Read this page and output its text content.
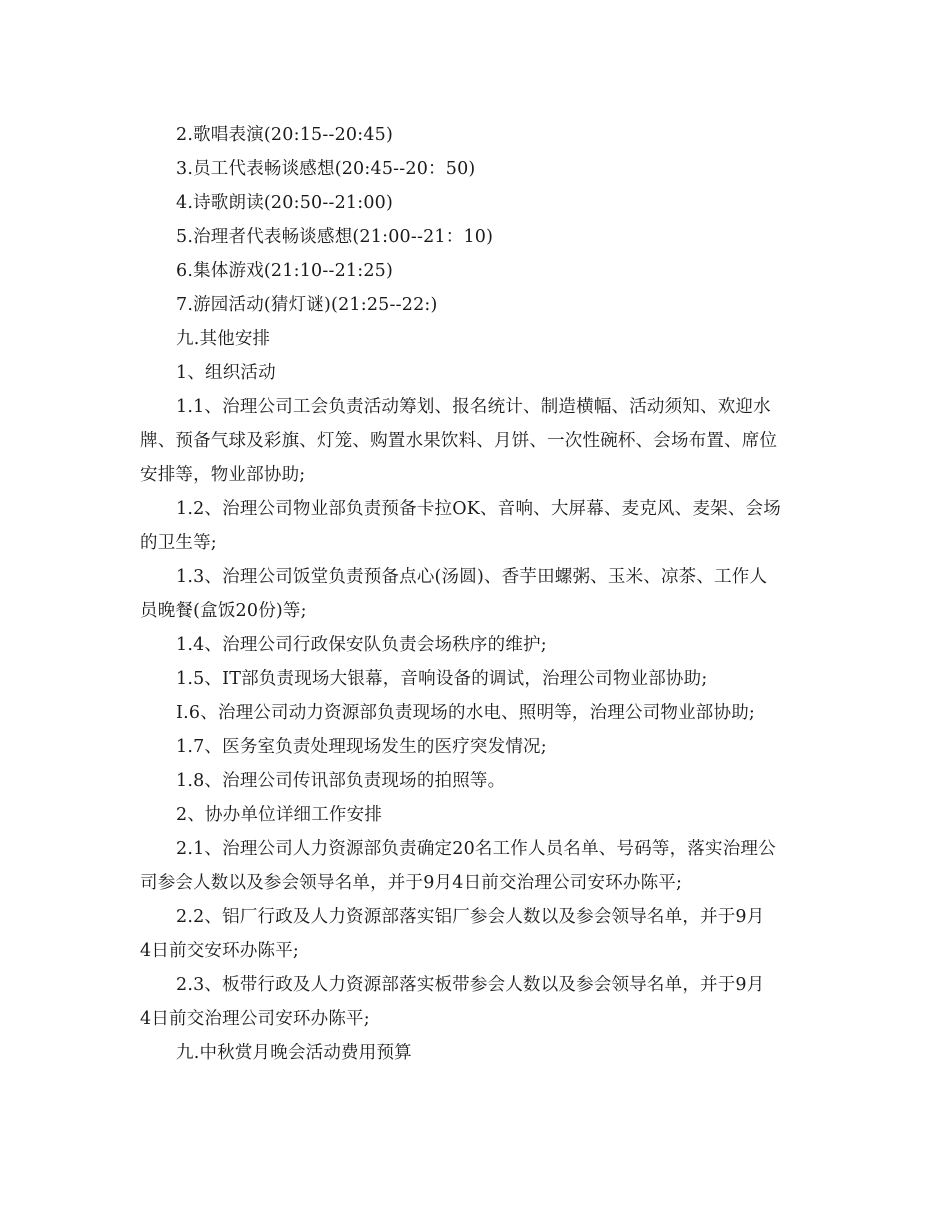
2.歌唱表演(20:15--20:45)
3.员工代表畅谈感想(20:45--20：50)
4.诗歌朗读(20:50--21:00)
5.治理者代表畅谈感想(21:00--21：10)
6.集体游戏(21:10--21:25)
7.游园活动(猜灯谜)(21:25--22:)
九.其他安排
1、组织活动
1.1、治理公司工会负责活动筹划、报名统计、制造横幅、活动须知、欢迎水
牌、预备气球及彩旗、灯笼、购置水果饮料、月饼、一次性碗杯、会场布置、席位
安排等，物业部协助;
1.2、治理公司物业部负责预备卡拉OK、音响、大屏幕、麦克风、麦架、会场
的卫生等;
1.3、治理公司饭堂负责预备点心(汤圆)、香芋田螺粥、玉米、凉茶、工作人
员晚餐(盒饭20份)等;
1.4、治理公司行政保安队负责会场秩序的维护;
1.5、IT部负责现场大银幕，音响设备的调试，治理公司物业部协助;
I.6、治理公司动力资源部负责现场的水电、照明等，治理公司物业部协助;
1.7、医务室负责处理现场发生的医疗突发情况;
1.8、治理公司传讯部负责现场的拍照等。
2、协办单位详细工作安排
2.1、治理公司人力资源部负责确定20名工作人员名单、号码等，落实治理公
司参会人数以及参会领导名单，并于9月4日前交治理公司安环办陈平;
2.2、铝厂行政及人力资源部落实铝厂参会人数以及参会领导名单，并于9月
4日前交安环办陈平;
2.3、板带行政及人力资源部落实板带参会人数以及参会领导名单，并于9月
4日前交治理公司安环办陈平;
九.中秋赏月晚会活动费用预算
